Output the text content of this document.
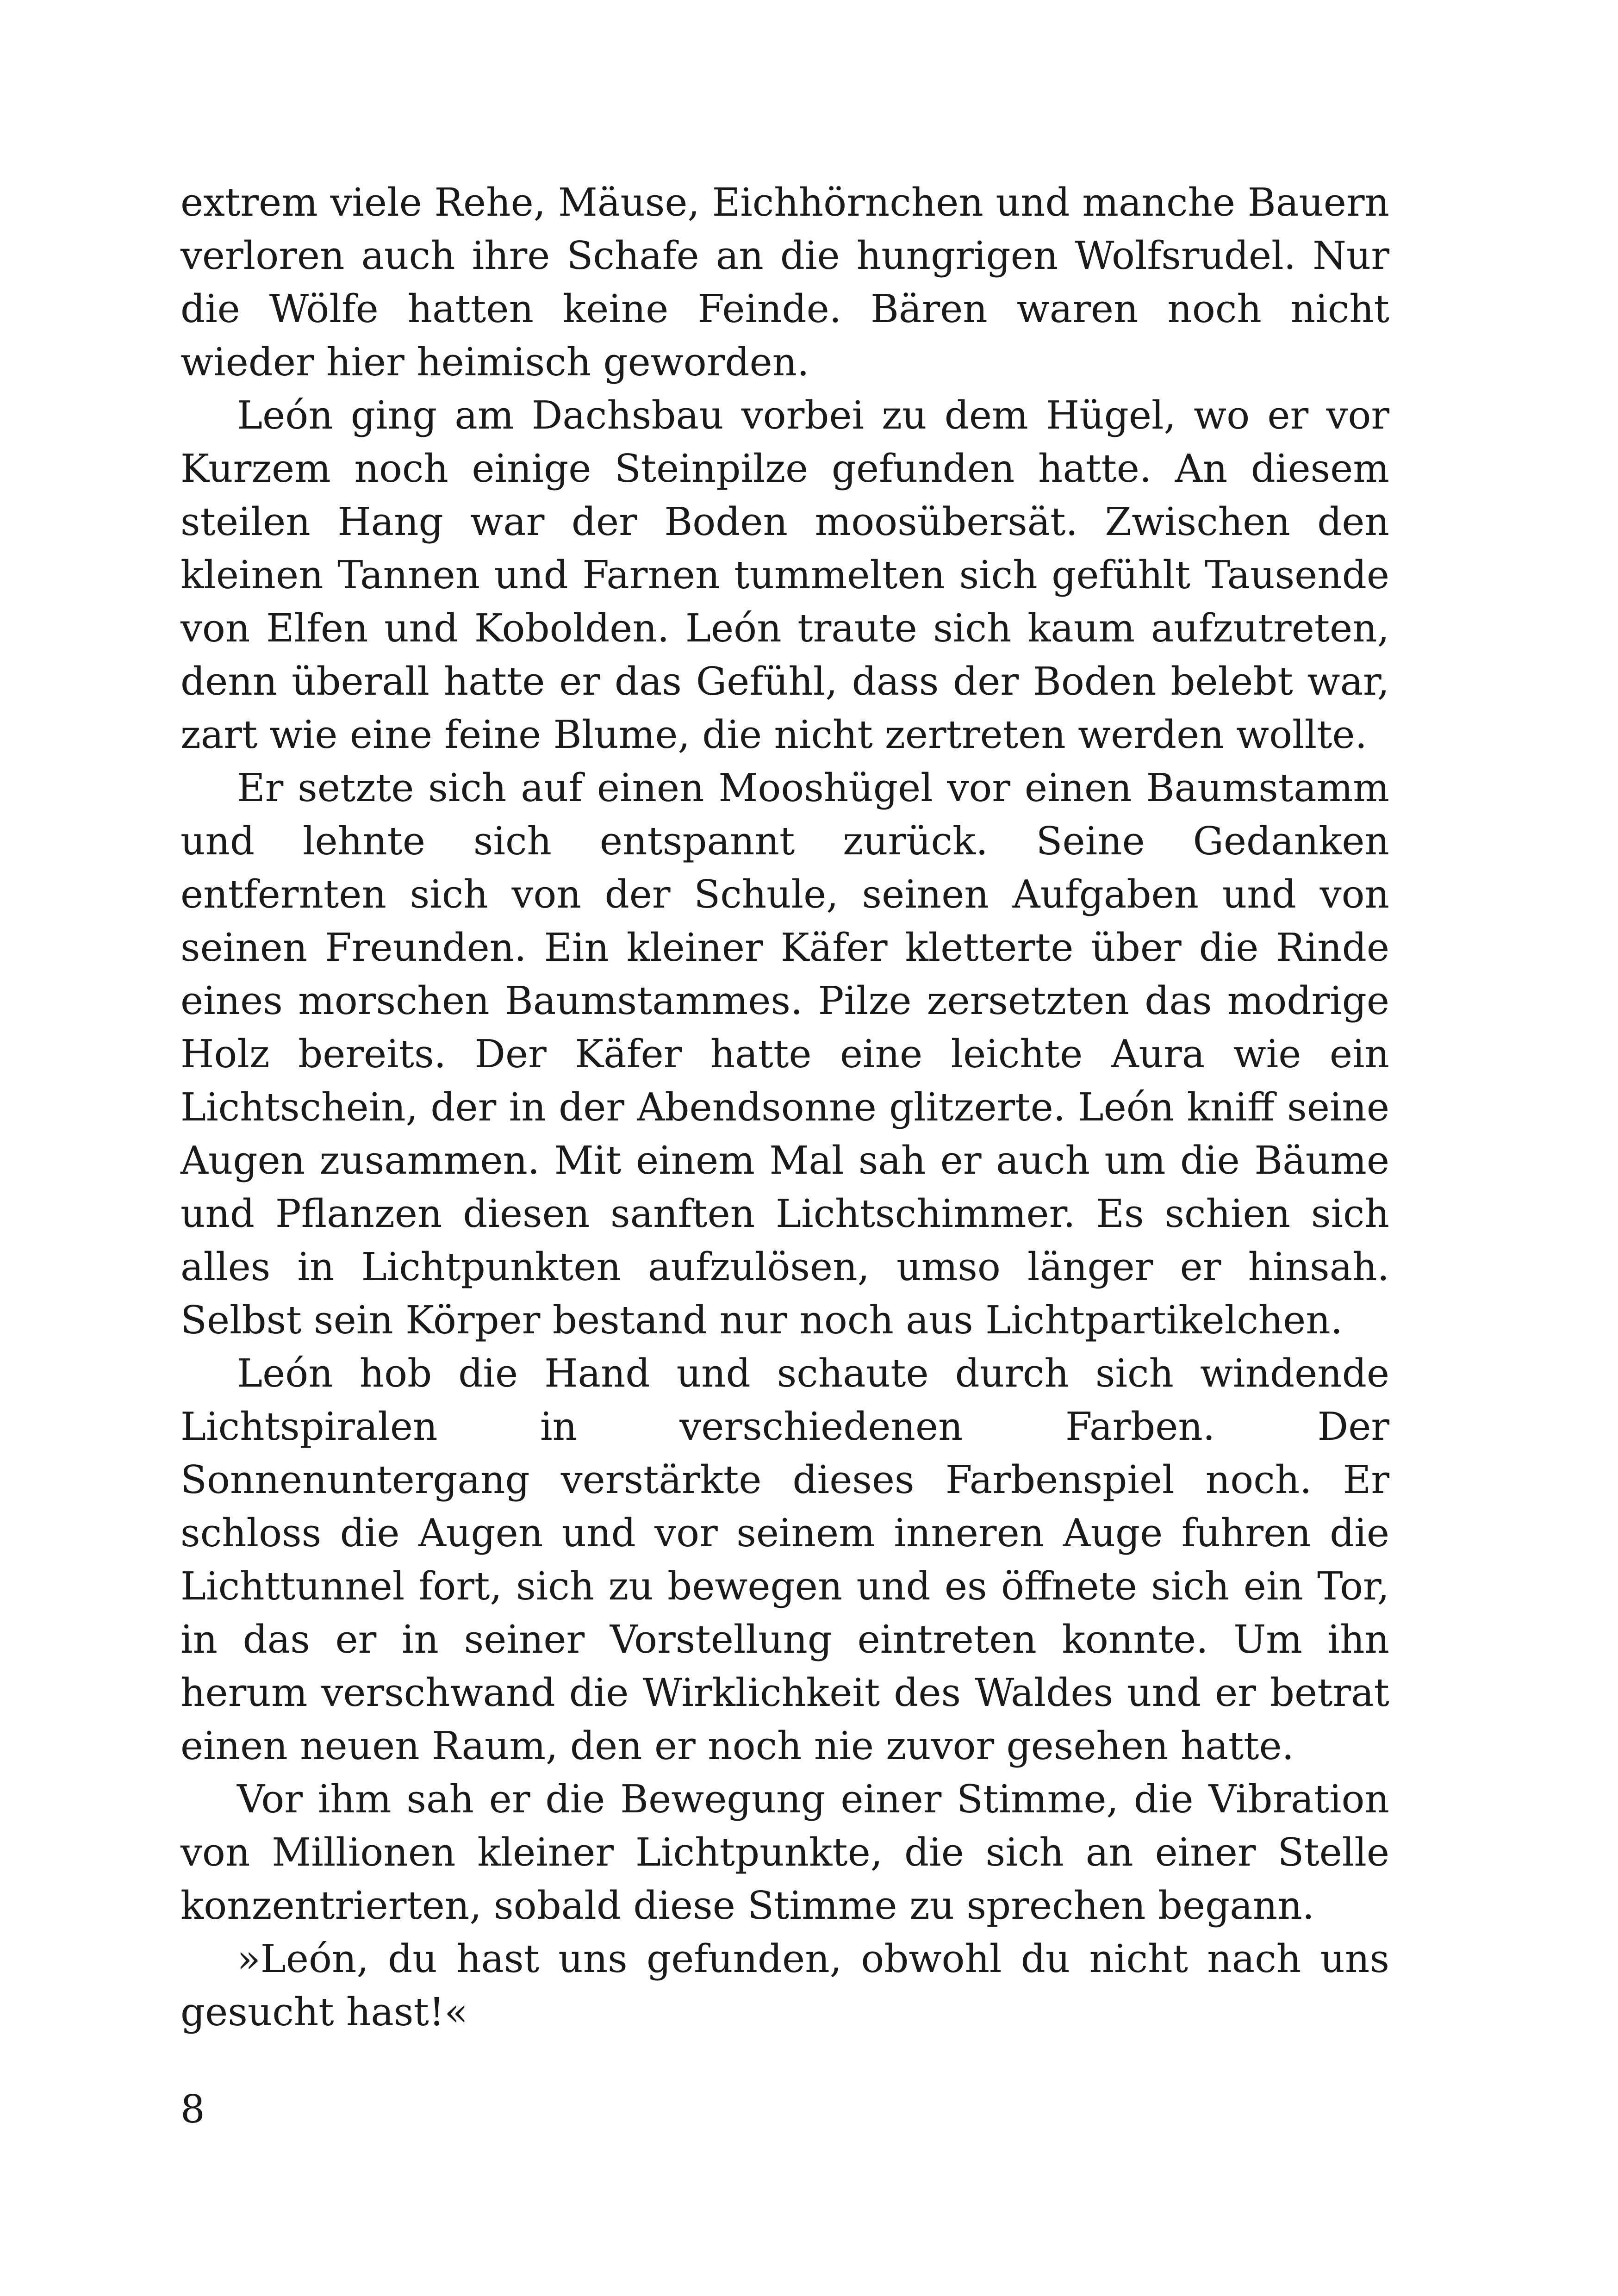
extrem viele Rehe, Mäuse, Eichhörnchen und manche Bauern verloren auch ihre Schafe an die hungrigen Wolfsrudel. Nur die Wölfe hatten keine Feinde. Bären waren noch nicht wieder hier heimisch geworden.

León ging am Dachsbau vorbei zu dem Hügel, wo er vor Kurzem noch einige Steinpilze gefunden hatte. An diesem steilen Hang war der Boden moosübersät. Zwischen den kleinen Tannen und Farnen tummelten sich gefühlt Tausende von Elfen und Kobolden. León traute sich kaum aufzutreten, denn überall hatte er das Gefühl, dass der Boden belebt war, zart wie eine feine Blume, die nicht zertreten werden wollte.

Er setzte sich auf einen Mooshügel vor einen Baumstamm und lehnte sich entspannt zurück. Seine Gedanken entfernten sich von der Schule, seinen Aufgaben und von seinen Freunden. Ein kleiner Käfer kletterte über die Rinde eines morschen Baumstammes. Pilze zersetzten das modrige Holz bereits. Der Käfer hatte eine leichte Aura wie ein Lichtschein, der in der Abendsonne glitzerte. León kniff seine Augen zusammen. Mit einem Mal sah er auch um die Bäume und Pflanzen diesen sanften Lichtschimmer. Es schien sich alles in Lichtpunkten aufzulösen, umso länger er hinsah. Selbst sein Körper bestand nur noch aus Lichtpartikelchen.

León hob die Hand und schaute durch sich windende Lichtspiralen in verschiedenen Farben. Der Sonnenuntergang verstärkte dieses Farbenspiel noch. Er schloss die Augen und vor seinem inneren Auge fuhren die Lichttunnel fort, sich zu bewegen und es öffnete sich ein Tor, in das er in seiner Vorstellung eintreten konnte. Um ihn herum verschwand die Wirklichkeit des Waldes und er betrat einen neuen Raum, den er noch nie zuvor gesehen hatte.

Vor ihm sah er die Bewegung einer Stimme, die Vibration von Millionen kleiner Lichtpunkte, die sich an einer Stelle konzentrierten, sobald diese Stimme zu sprechen begann.

»León, du hast uns gefunden, obwohl du nicht nach uns gesucht hast!«

8
